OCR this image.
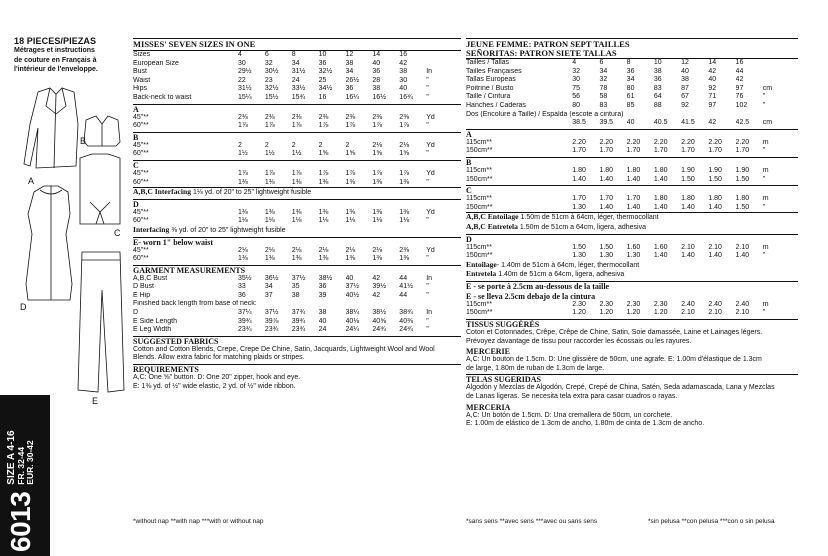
18 PIECES/PIEZAS
Métrages et instructions
de couture en Français à
l'intérieur de l'enveloppe.
A
B
C
D
E
6013
SIZE A 4-16 FR. 32-44 EUR. 30-42
MISSES' SEVEN SIZES IN ONE
Sizes	4	6	8	10	12	14	16	
European Size	30	32	34	36	38	40	42	
Bust	29½	30½	31½	32½	34	36	38	In
Waist	22	23	24	25	26½	28	30	"
Hips	31½	32½	33½	34½	36	38	40	"
Back-neck to waist	15¼	15½	15¾	16	16¼	16½	16¾	"
A
45"**	2⅜	2⅜	2⅜	2⅜	2⅜	2⅜	2⅜	Yd
60"**	1⅞	1⅞	1⅞	1⅞	1⅞	1⅞	1⅞	"
B
45"**	2	2	2	2	2	2⅛	2⅛	Yd
60"**	1½	1½	1½	1⅝	1⅝	1⅝	1⅝	"
C
45"**	1⅞	1⅞	1⅞	1⅞	1⅞	1⅞	1⅞	Yd
60"**	1⅜	1⅜	1⅜	1⅜	1⅜	1⅜	1⅜	"
A,B,C Interfacing 1⅛ yd. of 20" to 25" lightweight fusible
D
45"**	1⅜	1⅜	1⅜	1⅜	1⅜	1⅜	1⅜	Yd
60"**	1⅛	1⅛	1⅛	1⅛	1⅛	1⅛	1⅛	"
Interfacing ⅜ yd. of 20" to 25" lightweight fusible
E- worn 1" below waist
45"**	2⅛	2⅛	2⅛	2⅛	2⅛	2⅛	2⅜	Yd
60"**	1⅜	1⅜	1⅜	1⅜	1⅜	1⅜	1⅜	"
GARMENT MEASUREMENTS
A,B,C Bust	35½	36½	37½	38½	40	42	44	In
D Bust	33	34	35	36	37½	39½	41½	"
E Hip	36	37	38	39	40½	42	44	"
Finished back length from base of neck:
D	37¼	37½	37¾	38	38¼	38½	38¾	In
E Side Length	39¾	39⅞	39¾	40	40⅛	40⅝	40⅜	"
E Leg Width	23¾	23¾	23¾	24	24¼	24¾	24¾	"
SUGGESTED FABRICS
Cotton and Cotton Blends, Crepe, Crepe De Chine, Satin, Jacquards, Lightweight Wool and Wool
Blends. Allow extra fabric for matching plaids or stripes.
REQUIREMENTS
A,C: One ⅝" button. D: One 20" zipper, hook and eye.
E: 1⅜ yd. of ½" wide elastic, 2 yd. of ½" wide ribbon.
JEUNE FEMME: PATRON SEPT TAILLES
SEÑORITAS: PATRON SIETE TALLAS
Tailles / Tallas	4	6	8	10	12	14	16	
Tailles Françaises	32	34	36	38	40	42	44	
Tallas Europeas	30	32	34	36	38	40	42	
Poitrine / Busto	75	78	80	83	87	92	97	cm
Taille / Cintura	56	58	61	64	67	71	76	"
Hanches / Caderas	80	83	85	88	92	97	102	"
Dos (Encolure à Taille) / Espalda (escote a cintura)
	38.5	39.5	40	40.5	41.5	42	42.5	cm
A
115cm**	2.20	2.20	2.20	2.20	2.20	2.20	2.20	m
150cm**	1.70	1.70	1.70	1.70	1.70	1.70	1.70	"
B
115cm**	1.80	1.80	1.80	1.80	1.90	1.90	1.90	m
150cm**	1.40	1.40	1.40	1.40	1.50	1.50	1.50	"
C
115cm**	1.70	1.70	1.70	1.80	1.80	1.80	1.80	m
150cm**	1.30	1.40	1.40	1.40	1.40	1.40	1.50	"
A,B,C Entoilage 1.50m de 51cm à 64cm, léger, thermocollant
A,B,C Entretela 1.50m de 51cm a 64cm, ligera, adhesiva
D
115cm**	1.50	1.50	1.60	1.60	2.10	2.10	2.10	m
150cm**	1.30	1.30	1.30	1.40	1.40	1.40	1.40	"
Entoilage- 1.40m de 51cm à 64cm, léger, thermocollant
Entretela 1.40m de 51cm a 64cm, ligera, adhesiva
E - se porte à 2.5cm au-dessous de la taille
E - se lleva 2.5cm debajo de la cintura
115cm**	2.30	2.30	2.30	2.30	2.40	2.40	2.40	m
150cm**	1.20	1.20	1.20	1.20	2.10	2.10	2.10	"
TISSUS SUGGÉRÉS
Coton et Cotonnades, Crêpe, Crêpe de Chine, Satin, Soie damassée, Laine et Lainages légers.
Prévoyez davantage de tissu pour raccorder les écossais ou les rayures.
MERCERIE
A,C: Un bouton de 1.5cm. D: Une glissière de 50cm, une agrafe. E: 1.00m d'élastique de 1.3cm
de large, 1.80m de ruban de 1.3cm de large.
TELAS SUGERIDAS
Algodón y Mezclas de Algodón, Crepé, Crepé de China, Satén, Seda adamascada, Lana y Mezclas
de Lanas ligeras. Se necesita tela extra para casar cuadros o rayas.
MERCERIA
A,C: Un botón de 1.5cm. D: Una cremallera de 50cm, un corchete.
E: 1.00m de elástico de 1.3cm de ancho, 1.80m de cinta de 1.3cm de ancho.
*without nap **with nap ***with or without nap	*sans sens **avec sens ***avec ou sans sens	*sin pelusa **con pelusa ***con o sin pelusa
